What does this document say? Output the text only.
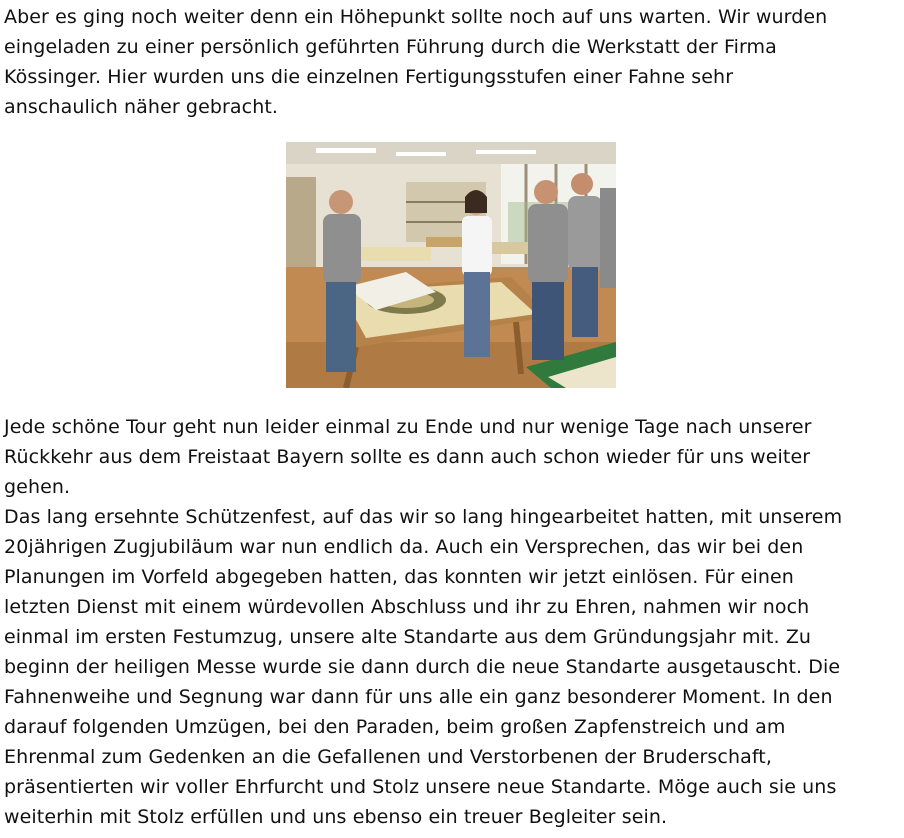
Aber es ging noch weiter denn ein Höhepunkt sollte noch auf uns warten. Wir wurden
eingeladen zu einer persönlich geführten Führung durch die Werkstatt der Firma
Kössinger. Hier wurden uns die einzelnen Fertigungsstufen einer Fahne sehr
anschaulich näher gebracht.

Jede schöne Tour geht nun leider einmal zu Ende und nur wenige Tage nach unserer
Rückkehr aus dem Freistaat Bayern sollte es dann auch schon wieder für uns weiter
gehen.

Das lang ersehnte Schützenfest, auf das wir so lang hingearbeitet hatten, mit unserem
20jährigen Zugjubiläum war nun endlich da. Auch ein Versprechen, das wir bei den
Planungen im Vorfeld abgegeben hatten, das konnten wir jetzt einlösen. Für einen
letzten Dienst mit einem würdevollen Abschluss und ihr zu Ehren, nahmen wir noch
einmal im ersten Festumzug, unsere alte Standarte aus dem Gründungsjahr mit. Zu
beginn der heiligen Messe wurde sie dann durch die neue Standarte ausgetauscht. Die
Fahnenweihe und Segnung war dann für uns alle ein ganz besonderer Moment. In den
darauf folgenden Umzügen, bei den Paraden, beim großen Zapfenstreich und am
Ehrenmal zum Gedenken an die Gefallenen und Verstorbenen der Bruderschaft,
präsentierten wir voller Ehrfurcht und Stolz unsere neue Standarte. Möge auch sie uns
weiterhin mit Stolz erfüllen und uns ebenso ein treuer Begleiter sein.
